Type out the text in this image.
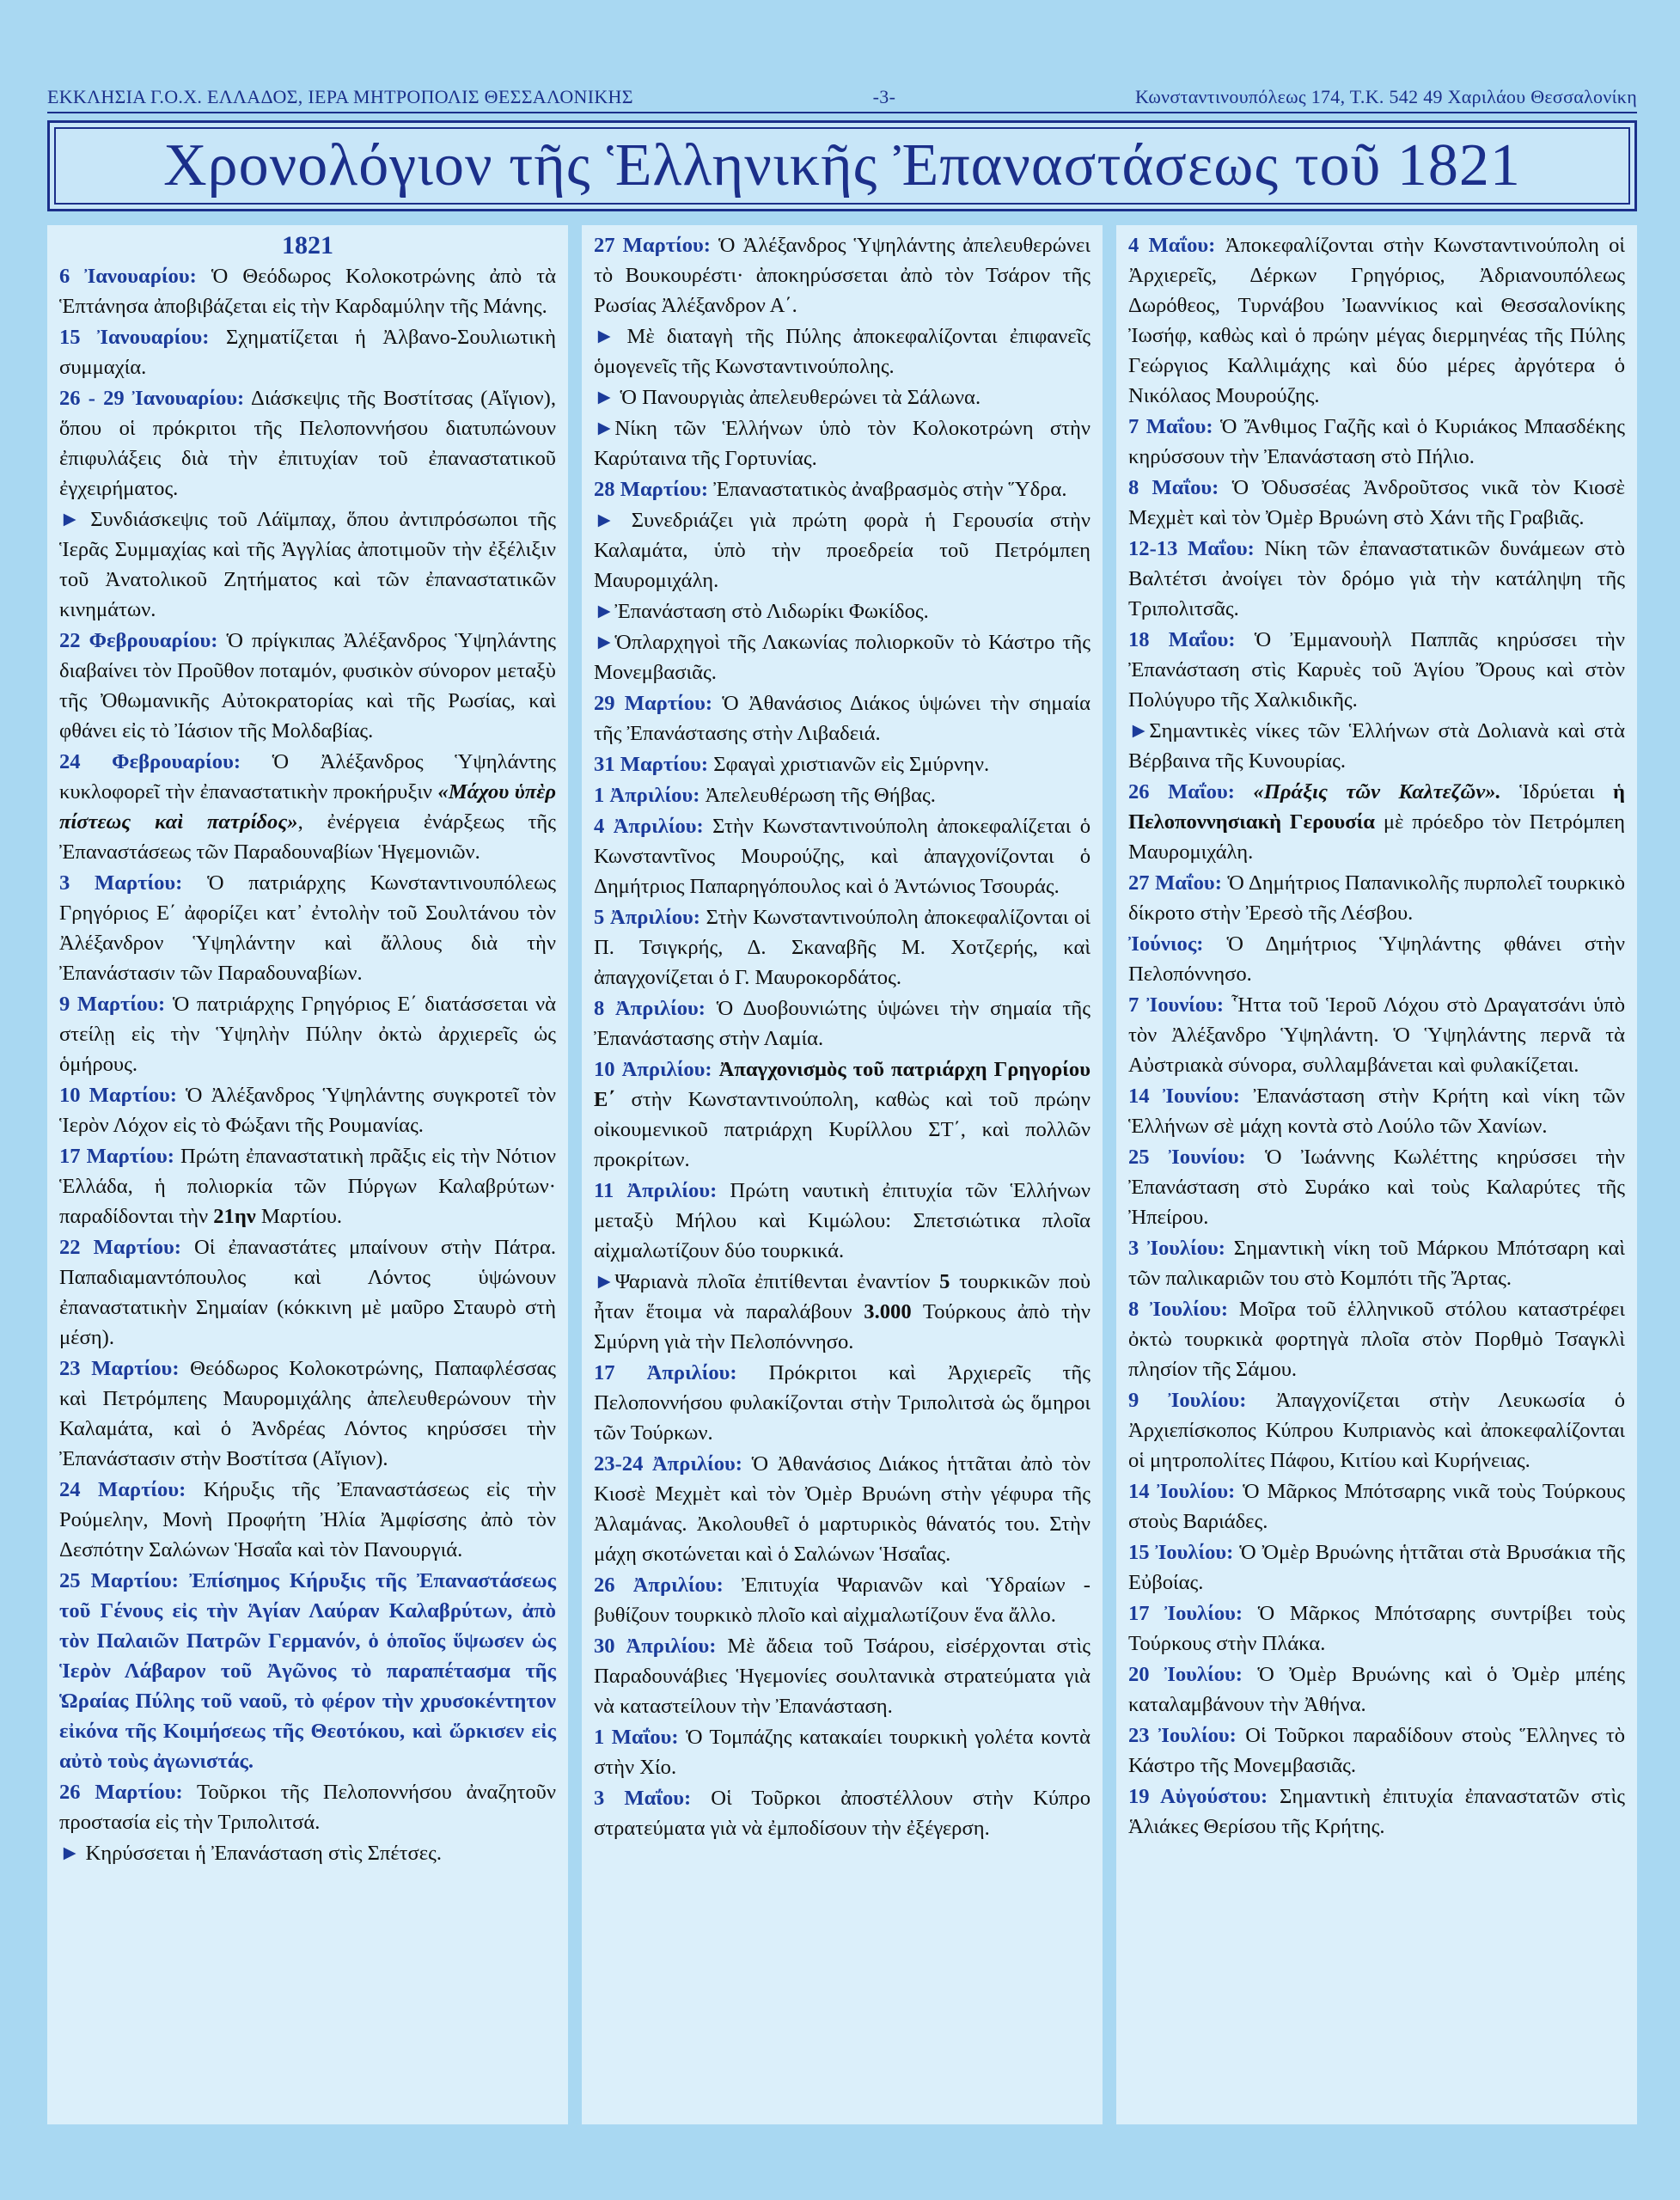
ΕΚΚΛΗΣΙΑ Γ.Ο.Χ. ΕΛΛΑΔΟΣ, ΙΕΡΑ ΜΗΤΡΟΠΟΛΙΣ ΘΕΣΣΑΛΟΝΙΚΗΣ	-3-	Κωνσταντινουπόλεως 174, Τ.Κ. 542 49 Χαριλάου Θεσσαλονίκη
Χρονολόγιον τῆς Ἑλληνικῆς Ἐπαναστάσεως τοῦ 1821

1821

6 Ἰανουαρίου: Ὁ Θεόδωρος Κολοκοτρώνης ἀπὸ τὰ Ἑπτάνησα ἀποβιβάζεται εἰς τὴν Καρδαμύλην τῆς Μάνης.

15 Ἰανουαρίου: Σχηματίζεται ἡ Ἀλβανο-Σουλιωτικὴ συμμαχία.

26 - 29 Ἰανουαρίου: Διάσκεψις τῆς Βοστίτσας (Αἴγιον), ὅπου οἱ πρόκριτοι τῆς Πελοποννήσου διατυπώνουν ἐπιφυλάξεις διὰ τὴν ἐπιτυχίαν τοῦ ἐπαναστατικοῦ ἐγχειρήματος.

► Συνδιάσκεψις τοῦ Λάϊμπαχ, ὅπου ἀντιπρόσωποι τῆς Ἱερᾶς Συμμαχίας καὶ τῆς Ἀγγλίας ἀποτιμοῦν τὴν ἐξέλιξιν τοῦ Ἀνατολικοῦ Ζητήματος καὶ τῶν ἐπαναστατικῶν κινημάτων.

22 Φεβρουαρίου: Ὁ πρίγκιπας Ἀλέξανδρος Ὑψηλάντης διαβαίνει τὸν Προῦθον ποταμόν, φυσικὸν σύνορον μεταξὺ τῆς Ὀθωμανικῆς Αὐτοκρατορίας καὶ τῆς Ρωσίας, καὶ φθάνει εἰς τὸ Ἰάσιον τῆς Μολδαβίας.

24 Φεβρουαρίου: Ὁ Ἀλέξανδρος Ὑψηλάντης κυκλοφορεῖ τὴν ἐπαναστατικὴν προκήρυξιν «Μάχου ὑπὲρ πίστεως καὶ πατρίδος», ἐνέργεια ἐνάρξεως τῆς Ἐπαναστάσεως τῶν Παραδουναβίων Ἡγεμονιῶν.

3 Μαρτίου: Ὁ πατριάρχης Κωνσταντινουπόλεως Γρηγόριος Ε΄ ἀφορίζει κατ᾽ ἐντολὴν τοῦ Σουλτάνου τὸν Ἀλέξανδρον Ὑψηλάντην καὶ ἄλλους διὰ τὴν Ἐπανάστασιν τῶν Παραδουναβίων.

9 Μαρτίου: Ὁ πατριάρχης Γρηγόριος Ε΄ διατάσσεται νὰ στείλῃ εἰς τὴν Ὑψηλὴν Πύλην ὀκτὼ ἀρχιερεῖς ὡς ὁμήρους.

10 Μαρτίου: Ὁ Ἀλέξανδρος Ὑψηλάντης συγκροτεῖ τὸν Ἱερὸν Λόχον εἰς τὸ Φώξανι τῆς Ρουμανίας.

17 Μαρτίου: Πρώτη ἐπαναστατικὴ πρᾶξις εἰς τὴν Νότιον Ἑλλάδα, ἡ πολιορκία τῶν Πύργων Καλαβρύτων· παραδίδονται τὴν 21ην Μαρτίου.

22 Μαρτίου: Οἱ ἐπαναστάτες μπαίνουν στὴν Πάτρα. Παπαδιαμαντόπουλος καὶ Λόντος ὑψώνουν ἐπαναστατικὴν Σημαίαν (κόκκινη μὲ μαῦρο Σταυρὸ στὴ μέση).

23 Μαρτίου: Θεόδωρος Κολοκοτρώνης, Παπαφλέσσας καὶ Πετρόμπεης Μαυρομιχάλης ἀπελευθερώνουν τὴν Καλαμάτα, καὶ ὁ Ἀνδρέας Λόντος κηρύσσει τὴν Ἐπανάστασιν στὴν Βοστίτσα (Αἴγιον).

24 Μαρτίου: Κήρυξις τῆς Ἐπαναστάσεως εἰς τὴν Ρούμελην, Μονὴ Προφήτη Ἠλία Ἀμφίσσης ἀπὸ τὸν Δεσπότην Σαλώνων Ἡσαΐα καὶ τὸν Πανουργιά.

25 Μαρτίου: Ἐπίσημος Κήρυξις τῆς Ἐπαναστάσεως τοῦ Γένους εἰς τὴν Ἁγίαν Λαύραν Καλαβρύτων, ἀπὸ τὸν Παλαιῶν Πατρῶν Γερμανόν, ὁ ὁποῖος ὕψωσεν ὡς Ἱερὸν Λάβαρον τοῦ Ἀγῶνος τὸ παραπέτασμα τῆς Ὡραίας Πύλης τοῦ ναοῦ, τὸ φέρον τὴν χρυσοκέντητον εἰκόνα τῆς Κοιμήσεως τῆς Θεοτόκου, καὶ ὥρκισεν εἰς αὐτὸ τοὺς ἀγωνιστάς.

26 Μαρτίου: Τοῦρκοι τῆς Πελοποννήσου ἀναζητοῦν προστασία εἰς τὴν Τριπολιτσά.

► Κηρύσσεται ἡ Ἐπανάσταση στὶς Σπέτσες.

27 Μαρτίου: Ὁ Ἀλέξανδρος Ὑψηλάντης ἀπελευθερώνει τὸ Βουκουρέστι· ἀποκηρύσσεται ἀπὸ τὸν Τσάρον τῆς Ρωσίας Ἀλέξανδρον Α΄.

► Μὲ διαταγὴ τῆς Πύλης ἀποκεφαλίζονται ἐπιφανεῖς ὁμογενεῖς τῆς Κωνσταντινούπολης.

► Ὁ Πανουργιὰς ἀπελευθερώνει τὰ Σάλωνα.

►Νίκη τῶν Ἑλλήνων ὑπὸ τὸν Κολοκοτρώνη στὴν Καρύταινα τῆς Γορτυνίας.

28 Μαρτίου: Ἐπαναστατικὸς ἀναβρασμὸς στὴν Ὕδρα.

► Συνεδριάζει γιὰ πρώτη φορὰ ἡ Γερουσία στὴν Καλαμάτα, ὑπὸ τὴν προεδρεία τοῦ Πετρόμπεη Μαυρομιχάλη.

►Ἐπανάσταση στὸ Λιδωρίκι Φωκίδος.

►Ὁπλαρχηγοὶ τῆς Λακωνίας πολιορκοῦν τὸ Κάστρο τῆς Μονεμβασιᾶς.

29 Μαρτίου: Ὁ Ἀθανάσιος Διάκος ὑψώνει τὴν σημαία τῆς Ἐπανάστασης στὴν Λιβαδειά.

31 Μαρτίου: Σφαγαὶ χριστιανῶν εἰς Σμύρνην.

1 Ἀπριλίου: Ἀπελευθέρωση τῆς Θήβας.

4 Ἀπριλίου: Στὴν Κωνσταντινούπολη ἀποκεφαλίζεται ὁ Κωνσταντῖνος Μουρούζης, καὶ ἀπαγχονίζονται ὁ Δημήτριος Παπαρηγόπουλος καὶ ὁ Ἀντώνιος Τσουράς.

5 Ἀπριλίου: Στὴν Κωνσταντινούπολη ἀποκεφαλίζονται οἱ Π. Τσιγκρής, Δ. Σκαναβῆς Μ. Χοτζερής, καὶ ἀπαγχονίζεται ὁ Γ. Μαυροκορδάτος.

8 Ἀπριλίου: Ὁ Δυοβουνιώτης ὑψώνει τὴν σημαία τῆς Ἐπανάστασης στὴν Λαμία.

10 Ἀπριλίου: Ἀπαγχονισμὸς τοῦ πατριάρχη Γρηγορίου Ε΄ στὴν Κωνσταντινούπολη, καθὼς καὶ τοῦ πρώην οἰκουμενικοῦ πατριάρχη Κυρίλλου ΣΤ΄, καὶ πολλῶν προκρίτων.

11 Ἀπριλίου: Πρώτη ναυτικὴ ἐπιτυχία τῶν Ἑλλήνων μεταξὺ Μήλου καὶ Κιμώλου: Σπετσιώτικα πλοῖα αἰχμαλωτίζουν δύο τουρκικά.

►Ψαριανὰ πλοῖα ἐπιτίθενται ἐναντίον 5 τουρκικῶν ποὺ ἦταν ἕτοιμα νὰ παραλάβουν 3.000 Τούρκους ἀπὸ τὴν Σμύρνη γιὰ τὴν Πελοπόννησο.

17 Ἀπριλίου: Πρόκριτοι καὶ Ἀρχιερεῖς τῆς Πελοποννήσου φυλακίζονται στὴν Τριπολιτσὰ ὡς ὅμηροι τῶν Τούρκων.

23-24 Ἀπριλίου: Ὁ Ἀθανάσιος Διάκος ἡττᾶται ἀπὸ τὸν Κιοσὲ Μεχμὲτ καὶ τὸν Ὀμὲρ Βρυώνη στὴν γέφυρα τῆς Ἀλαμάνας. Ἀκολουθεῖ ὁ μαρτυρικὸς θάνατός του. Στὴν μάχη σκοτώνεται καὶ ὁ Σαλώνων Ἡσαΐας.

26 Ἀπριλίου: Ἐπιτυχία Ψαριανῶν καὶ Ὑδραίων - βυθίζουν τουρκικὸ πλοῖο καὶ αἰχμαλωτίζουν ἕνα ἄλλο.

30 Ἀπριλίου: Μὲ ἄδεια τοῦ Τσάρου, εἰσέρχονται στὶς Παραδουνάβιες Ἡγεμονίες σουλτανικὰ στρατεύματα γιὰ νὰ καταστείλουν τὴν Ἐπανάσταση.

1 Μαΐου: Ὁ Τομπάζης κατακαίει τουρκικὴ γολέτα κοντὰ στὴν Χίο.

3 Μαΐου: Οἱ Τοῦρκοι ἀποστέλλουν στὴν Κύπρο στρατεύματα γιὰ νὰ ἐμποδίσουν τὴν ἐξέγερση.

4 Μαΐου: Ἀποκεφαλίζονται στὴν Κωνσταντινούπολη οἱ Ἀρχιερεῖς, Δέρκων Γρηγόριος, Ἀδριανουπόλεως Δωρόθεος, Τυρνάβου Ἰωαννίκιος καὶ Θεσσαλονίκης Ἰωσήφ, καθὼς καὶ ὁ πρώην μέγας διερμηνέας τῆς Πύλης Γεώργιος Καλλιμάχης καὶ δύο μέρες ἀργότερα ὁ Νικόλαος Μουρούζης.

7 Μαΐου: Ὁ Ἄνθιμος Γαζῆς καὶ ὁ Κυριάκος Μπασδέκης κηρύσσουν τὴν Ἐπανάσταση στὸ Πήλιο.

8 Μαΐου: Ὁ Ὀδυσσέας Ἀνδροῦτσος νικᾶ τὸν Κιοσὲ Μεχμὲτ καὶ τὸν Ὀμὲρ Βρυώνη στὸ Χάνι τῆς Γραβιᾶς.

12-13 Μαΐου: Νίκη τῶν ἐπαναστατικῶν δυνάμεων στὸ Βαλτέτσι ἀνοίγει τὸν δρόμο γιὰ τὴν κατάληψη τῆς Τριπολιτσᾶς.

18 Μαΐου: Ὁ Ἐμμανουὴλ Παππᾶς κηρύσσει τὴν Ἐπανάσταση στὶς Καρυὲς τοῦ Ἁγίου Ὄρους καὶ στὸν Πολύγυρο τῆς Χαλκιδικῆς.

►Σημαντικὲς νίκες τῶν Ἑλλήνων στὰ Δολιανὰ καὶ στὰ Βέρβαινα τῆς Κυνουρίας.

26 Μαΐου: «Πράξις τῶν Καλτεζῶν». Ἱδρύεται ἡ Πελοποννησιακὴ Γερουσία μὲ πρόεδρο τὸν Πετρόμπεη Μαυρομιχάλη.

27 Μαΐου: Ὁ Δημήτριος Παπανικολῆς πυρπολεῖ τουρκικὸ δίκροτο στὴν Ἐρεσὸ τῆς Λέσβου.

Ἰούνιος: Ὁ Δημήτριος Ὑψηλάντης φθάνει στὴν Πελοπόννησο.

7 Ἰουνίου: Ἧττα τοῦ Ἱεροῦ Λόχου στὸ Δραγατσάνι ὑπὸ τὸν Ἀλέξανδρο Ὑψηλάντη. Ὁ Ὑψηλάντης περνᾶ τὰ Αὐστριακὰ σύνορα, συλλαμβάνεται καὶ φυλακίζεται.

14 Ἰουνίου: Ἐπανάσταση στὴν Κρήτη καὶ νίκη τῶν Ἑλλήνων σὲ μάχη κοντὰ στὸ Λούλο τῶν Χανίων.

25 Ἰουνίου: Ὁ Ἰωάννης Κωλέττης κηρύσσει τὴν Ἐπανάσταση στὸ Συράκο καὶ τοὺς Καλαρύτες τῆς Ἠπείρου.

3 Ἰουλίου: Σημαντικὴ νίκη τοῦ Μάρκου Μπότσαρη καὶ τῶν παλικαριῶν του στὸ Κομπότι τῆς Ἄρτας.

8 Ἰουλίου: Μοῖρα τοῦ ἑλληνικοῦ στόλου καταστρέφει ὀκτὼ τουρκικὰ φορτηγὰ πλοῖα στὸν Πορθμὸ Τσαγκλὶ πλησίον τῆς Σάμου.

9 Ἰουλίου: Ἀπαγχονίζεται στὴν Λευκωσία ὁ Ἀρχιεπίσκοπος Κύπρου Κυπριανὸς καὶ ἀποκεφαλίζονται οἱ μητροπολίτες Πάφου, Κιτίου καὶ Κυρήνειας.

14 Ἰουλίου: Ὁ Μᾶρκος Μπότσαρης νικᾶ τοὺς Τούρκους στοὺς Βαριάδες.

15 Ἰουλίου: Ὁ Ὀμὲρ Βρυώνης ἡττᾶται στὰ Βρυσάκια τῆς Εὐβοίας.

17 Ἰουλίου: Ὁ Μᾶρκος Μπότσαρης συντρίβει τοὺς Τούρκους στὴν Πλάκα.

20 Ἰουλίου: Ὁ Ὀμὲρ Βρυώνης καὶ ὁ Ὀμὲρ μπέης καταλαμβάνουν τὴν Ἀθήνα.

23 Ἰουλίου: Οἱ Τοῦρκοι παραδίδουν στοὺς Ἕλληνες τὸ Κάστρο τῆς Μονεμβασιᾶς.

19 Αὐγούστου: Σημαντικὴ ἐπιτυχία ἐπαναστατῶν στὶς Ἁλιάκες Θερίσου τῆς Κρήτης.
